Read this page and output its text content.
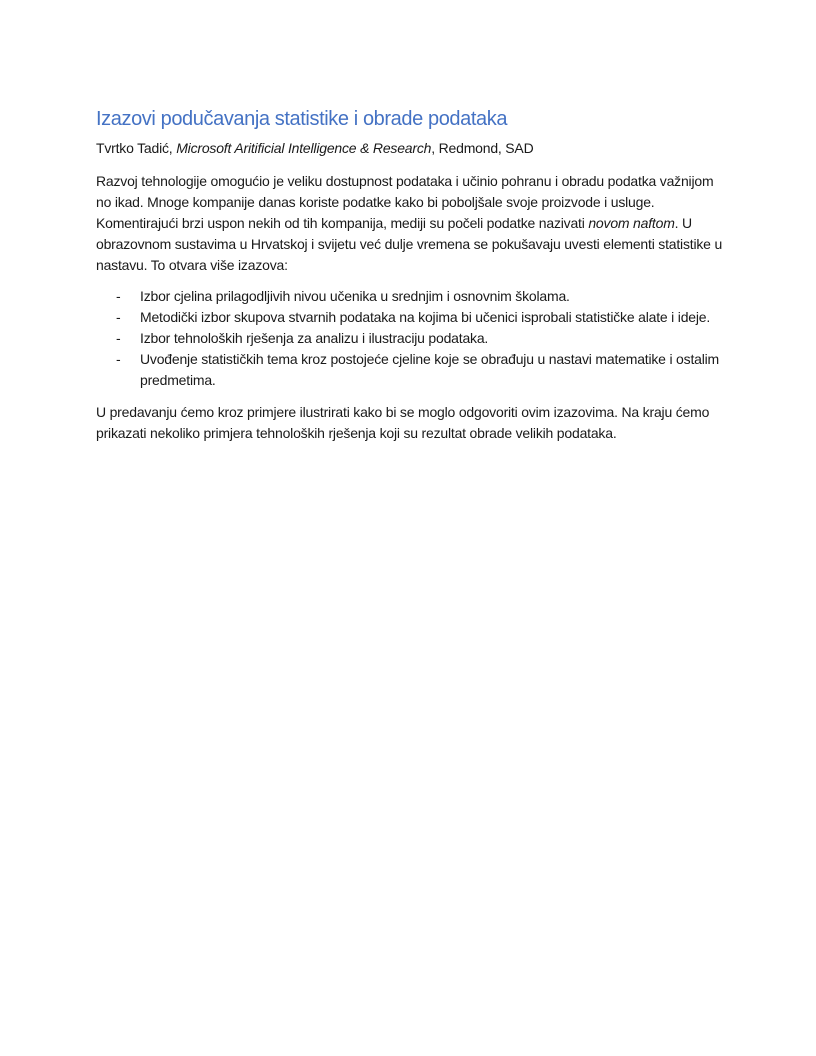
Izazovi podučavanja statistike i obrade podataka
Tvrtko Tadić, Microsoft Aritificial Intelligence & Research, Redmond, SAD

Razvoj tehnologije omogućio je veliku dostupnost podataka i učinio pohranu i obradu podatka važnijom no ikad. Mnoge kompanije danas koriste podatke kako bi poboljšale svoje proizvode i usluge. Komentirajući brzi uspon nekih od tih kompanija, mediji su počeli podatke nazivati novom naftom. U obrazovnom sustavima u Hrvatskoj i svijetu već dulje vremena se pokušavaju uvesti elementi statistike u nastavu. To otvara više izazova:

-	Izbor cjelina prilagodljivih nivou učenika u srednjim i osnovnim školama.
-	Metodički izbor skupova stvarnih podataka na kojima bi učenici isprobali statističke alate i ideje.
-	Izbor tehnoloških rješenja za analizu i ilustraciju podataka.
-	Uvođenje statističkih tema kroz postojeće cjeline koje se obrađuju u nastavi matematike i ostalim predmetima.

U predavanju ćemo kroz primjere ilustrirati kako bi se moglo odgovoriti ovim izazovima. Na kraju ćemo prikazati nekoliko primjera tehnoloških rješenja koji su rezultat obrade velikih podataka.
